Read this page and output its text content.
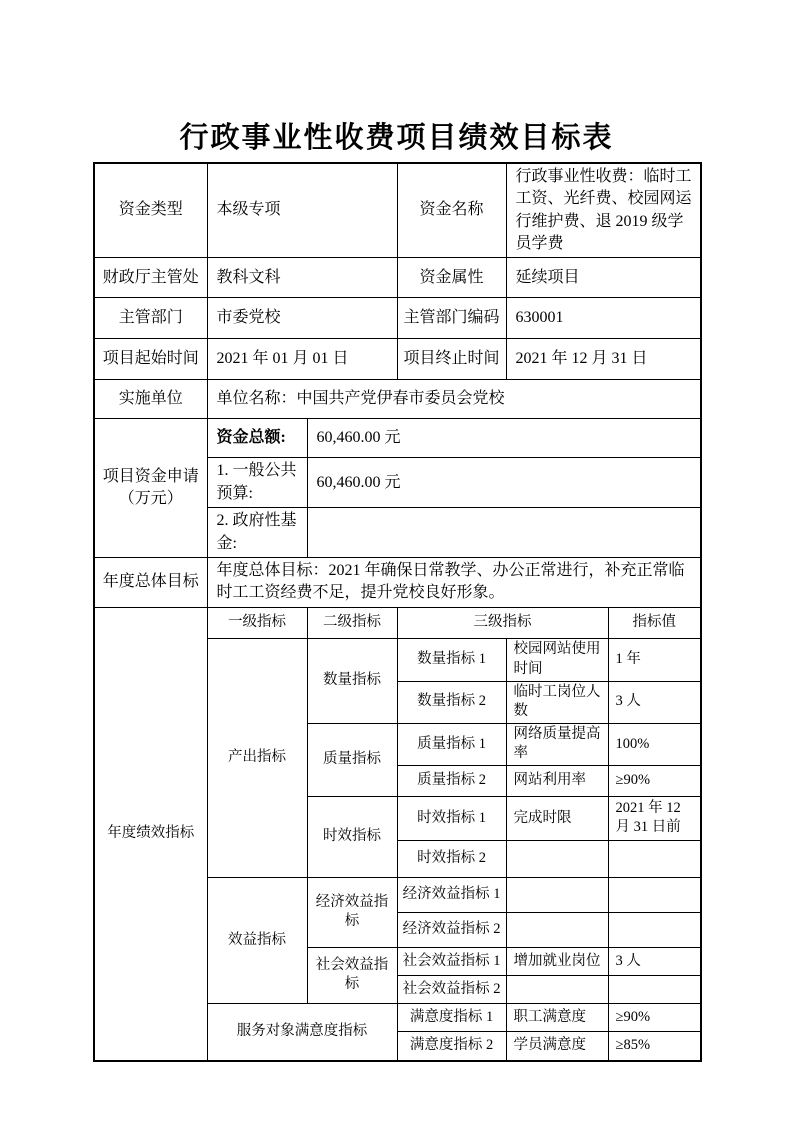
行政事业性收费项目绩效目标表
资金类型	本级专项		资金名称	行政事业性收费：临时工工资、光纤费、校园网运行维护费、退 2019 级学员学费	
财政厅主管处	教科文科		资金属性	延续项目	
主管部门	市委党校		主管部门编码	630001	
项目起始时间	2021 年 01 月 01 日		项目终止时间	2021 年 12 月 31 日	
实施单位	单位名称：中国共产党伊春市委员会党校				
项目资金申请（万元）	资金总额:	60,460.00 元			
	1. 一般公共预算:	60,460.00 元			
	2. 政府性基金:				
年度总体目标	年度总体目标：2021 年确保日常教学、办公正常进行，补充正常临时工工资经费不足，提升党校良好形象。				
年度绩效指标	一级指标	二级指标	三级指标		指标值
	产出指标	数量指标	数量指标 1	校园网站使用时间	1 年
			数量指标 2	临时工岗位人数	3 人
		质量指标	质量指标 1	网络质量提高率	100%
			质量指标 2	网站利用率	≥90%
		时效指标	时效指标 1	完成时限	2021 年 12 月 31 日前
			时效指标 2		
	效益指标	经济效益指标	经济效益指标 1		
			经济效益指标 2		
		社会效益指标	社会效益指标 1	增加就业岗位	3 人
			社会效益指标 2		
	服务对象满意度指标		满意度指标 1	职工满意度	≥90%
			满意度指标 2	学员满意度	≥85%
